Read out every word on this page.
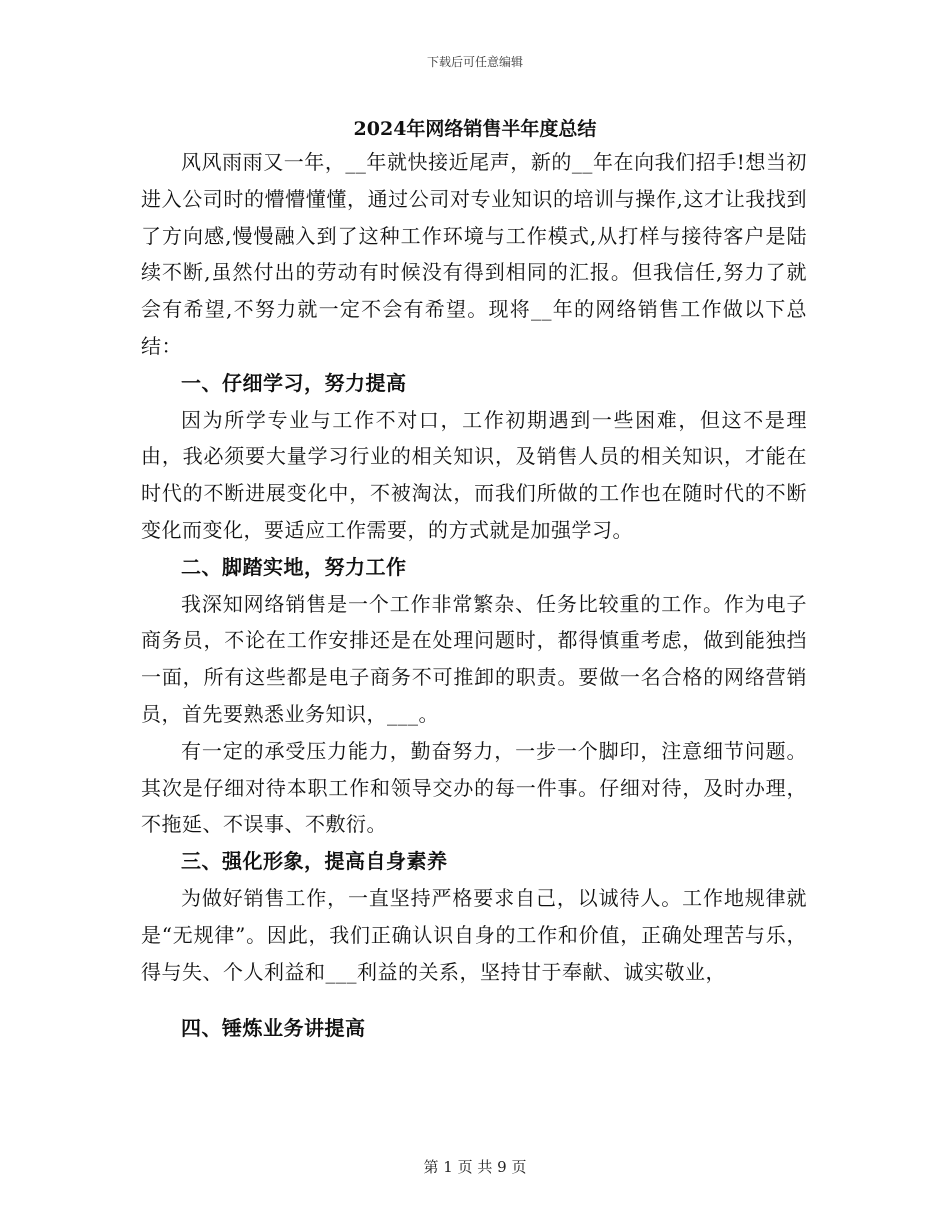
下载后可任意编辑
2024年网络销售半年度总结

风风雨雨又一年，__年就快接近尾声，新的__年在向我们招手!想当初进入公司时的懵懵懂懂，通过公司对专业知识的培训与操作,这才让我找到了方向感,慢慢融入到了这种工作环境与工作模式,从打样与接待客户是陆续不断,虽然付出的劳动有时候没有得到相同的汇报。但我信任,努力了就会有希望,不努力就一定不会有希望。现将__年的网络销售工作做以下总结：

一、仔细学习，努力提高

因为所学专业与工作不对口，工作初期遇到一些困难，但这不是理由，我必须要大量学习行业的相关知识，及销售人员的相关知识，才能在时代的不断进展变化中，不被淘汰，而我们所做的工作也在随时代的不断变化而变化，要适应工作需要，的方式就是加强学习。

二、脚踏实地，努力工作

我深知网络销售是一个工作非常繁杂、任务比较重的工作。作为电子商务员，不论在工作安排还是在处理问题时，都得慎重考虑，做到能独挡一面，所有这些都是电子商务不可推卸的职责。要做一名合格的网络营销员，首先要熟悉业务知识，___。

有一定的承受压力能力，勤奋努力，一步一个脚印，注意细节问题。其次是仔细对待本职工作和领导交办的每一件事。仔细对待，及时办理，不拖延、不误事、不敷衍。

三、强化形象，提高自身素养

为做好销售工作，一直坚持严格要求自己，以诚待人。工作地规律就是“无规律”。因此，我们正确认识自身的工作和价值，正确处理苦与乐，得与失、个人利益和___利益的关系，坚持甘于奉献、诚实敬业，

四、锤炼业务讲提高
第 1 页 共 9 页
